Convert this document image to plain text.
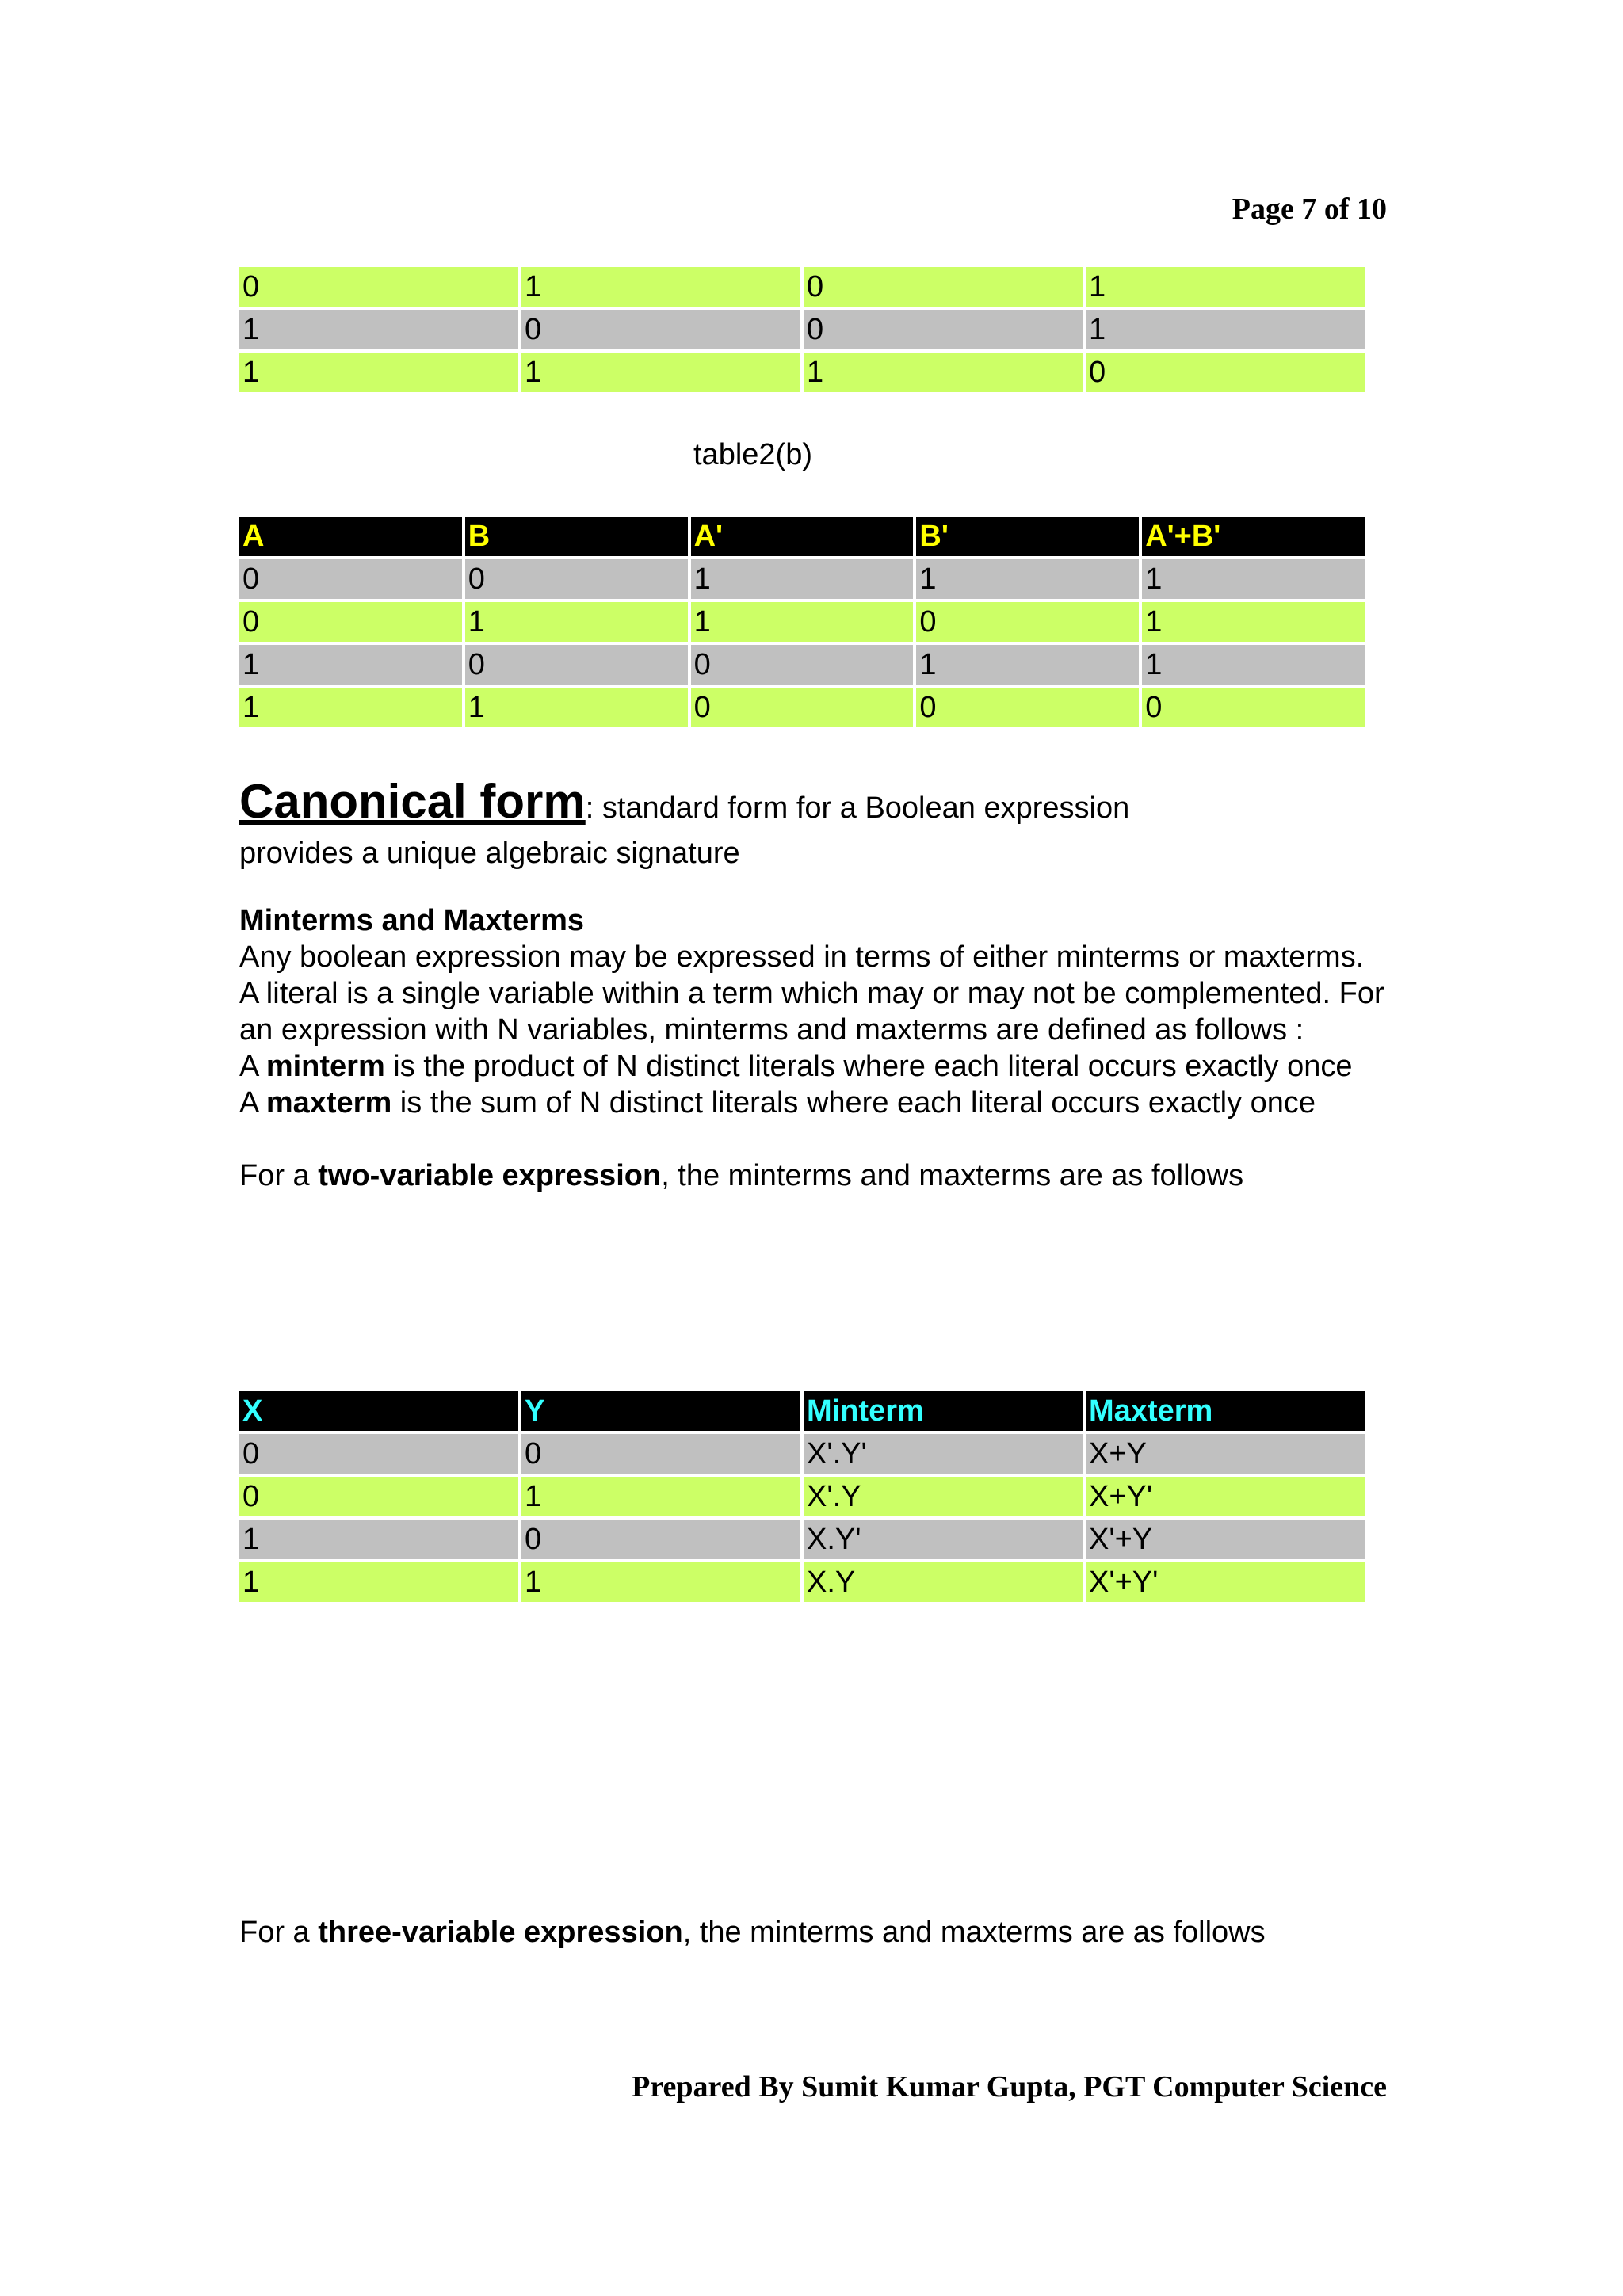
Page 7 of 10
0	1	0	1
1	0	0	1
1	1	1	0
table2(b)
A	B	A'	B'	A'+B'
0	0	1	1	1
0	1	1	0	1
1	0	0	1	1
1	1	0	0	0

Canonical form: standard form for a Boolean expression

provides a unique algebraic signature

Minterms and Maxterms

Any boolean expression may be expressed in terms of either minterms or maxterms.

A literal is a single variable within a term which may or may not be complemented. For an expression with N variables, minterms and maxterms are defined as follows :

A minterm is the product of N distinct literals where each literal occurs exactly once

A maxterm is the sum of N distinct literals where each literal occurs exactly once

For a two-variable expression, the minterms and maxterms are as follows

X	Y	Minterm	Maxterm
0	0	X'.Y'	X+Y
0	1	X'.Y	X+Y'
1	0	X.Y'	X'+Y
1	1	X.Y	X'+Y'

For a three-variable expression, the minterms and maxterms are as follows

Prepared By Sumit Kumar Gupta, PGT Computer Science
